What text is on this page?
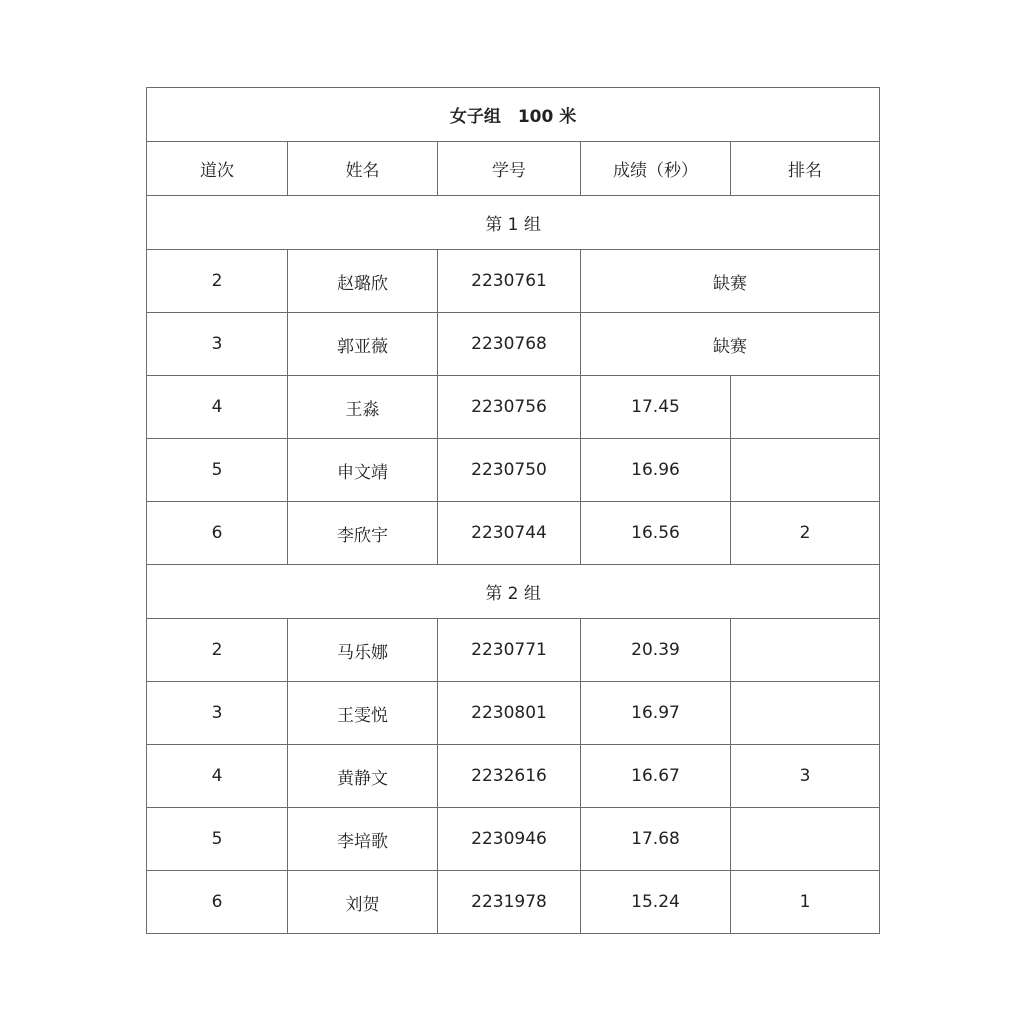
女子组　100 米				
道次	姓名	学号	成绩（秒）	排名
第 1 组				
2	赵璐欣	2230761	缺赛	
3	郭亚薇	2230768	缺赛	
4	王淼	2230756	17.45	
5	申文靖	2230750	16.96	
6	李欣宇	2230744	16.56	2
第 2 组				
2	马乐娜	2230771	20.39	
3	王雯悦	2230801	16.97	
4	黄静文	2232616	16.67	3
5	李培歌	2230946	17.68	
6	刘贺	2231978	15.24	1
